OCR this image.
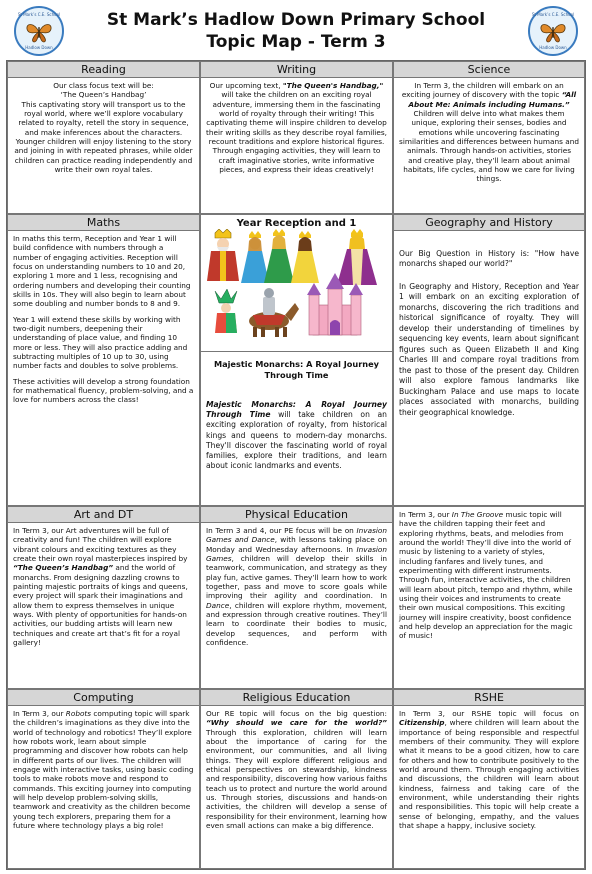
St Mark’s C.E. School
Hadlow Down
St Mark’s Hadlow Down Primary School
Topic Map - Term 3
St Mark’s C.E. School
Hadlow Down
Reading
Our class focus text will be:
‘The Queen’s Handbag’
This captivating story will transport us to the royal world, where we’ll explore vocabulary related to royalty, retell the story in sequence, and make inferences about the characters. Younger children will enjoy listening to the story and joining in with repeated phrases, while older children can practice reading independently and write their own royal tales.
Writing
Our upcoming text, "The Queen's Handbag," will take the children on an exciting royal adventure, immersing them in the fascinating world of royalty through their writing! This captivating theme will inspire children to develop their writing skills as they describe royal families, recount traditions and explore historical figures. Through engaging activities, they will learn to craft imaginative stories, write informative pieces, and express their ideas creatively!
Science
In Term 3, the children will embark on an exciting journey of discovery with the topic “All About Me: Animals including Humans.” Children will delve into what makes them unique, exploring their senses, bodies and emotions while uncovering fascinating similarities and differences between humans and animals. Through hands-on activities, stories and creative play, they’ll learn about animal habitats, life cycles, and how we care for living things.
Maths
In maths this term, Reception and Year 1 will build confidence with numbers through a number of engaging activities. Reception will focus on understanding numbers to 10 and 20, exploring 1 more and 1 less, recognising and ordering numbers and developing their counting skills in 10s. They will also begin to learn about some doubling and number bonds to 8 and 9.
Year 1 will extend these skills by working with two-digit numbers, deepening their understanding of place value, and finding 10 more or less. They will also practice adding and subtracting multiples of 10 up to 30, using number facts and doubles to solve problems.
These activities will develop a strong foundation for mathematical fluency, problem-solving, and a love for numbers across the class!
Year Reception and 1
Majestic Monarchs: A Royal Journey Through Time
Majestic Monarchs: A Royal Journey Through Time will take children on an exciting exploration of royalty, from historical kings and queens to modern-day monarchs. They'll discover the fascinating world of royal families, explore their traditions, and learn about iconic landmarks and events.
Geography and History
Our Big Question in History is: "How have monarchs shaped our world?"
In Geography and History, Reception and Year 1 will embark on an exciting exploration of monarchs, discovering the rich traditions and historical significance of royalty. They will develop their understanding of timelines by sequencing key events, learn about significant figures such as Queen Elizabeth II and King Charles III and compare royal traditions from the past to those of the present day. Children will also explore famous landmarks like Buckingham Palace and use maps to locate places associated with monarchs, building their geographical knowledge.
Art and DT
In Term 3, our Art adventures will be full of creativity and fun! The children will explore vibrant colours and exciting textures as they create their own royal masterpieces inspired by “The Queen’s Handbag” and the world of monarchs. From designing dazzling crowns to painting majestic portraits of kings and queens, every project will spark their imaginations and allow them to express themselves in unique ways. With plenty of opportunities for hands-on activities, our budding artists will learn new techniques and create art that’s fit for a royal gallery!
Physical Education
In Term 3 and 4, our PE focus will be on Invasion Games and Dance, with lessons taking place on Monday and Wednesday afternoons. In Invasion Games, children will develop their skills in teamwork, communication, and strategy as they play fun, active games. They’ll learn how to work together, pass and move to score goals while improving their agility and coordination. In Dance, children will explore rhythm, movement, and expression through creative routines. They’ll learn to coordinate their bodies to music, develop sequences, and perform with confidence.
In Term 3, our In The Groove music topic will have the children tapping their feet and exploring rhythms, beats, and melodies from around the world! They’ll dive into the world of music by listening to a variety of styles, including fanfares and lively tunes, and experimenting with different instruments. Through fun, interactive activities, the children will learn about pitch, tempo and rhythm, while using their voices and instruments to create their own musical compositions. This exciting journey will inspire creativity, boost confidence and help develop an appreciation for the magic of music!
Computing
In Term 3, our Robots computing topic will spark the children’s imaginations as they dive into the world of technology and robotics! They’ll explore how robots work, learn about simple programming and discover how robots can help in different parts of our lives. The children will engage with interactive tasks, using basic coding tools to make robots move and respond to commands. This exciting journey into computing will help develop problem-solving skills, teamwork and creativity as the children become young tech explorers, preparing them for a future where technology plays a big role!
Religious Education
Our RE topic will focus on the big question: “Why should we care for the world?” Through this exploration, children will learn about the importance of caring for the environment, our communities, and all living things. They will explore different religious and ethical perspectives on stewardship, kindness and responsibility, discovering how various faiths teach us to protect and nurture the world around us. Through stories, discussions and hands-on activities, the children will develop a sense of responsibility for their environment, learning how even small actions can make a big difference.
RSHE
In Term 3, our RSHE topic will focus on Citizenship, where children will learn about the importance of being responsible and respectful members of their community. They will explore what it means to be a good citizen, how to care for others and how to contribute positively to the world around them. Through engaging activities and discussions, the children will learn about kindness, fairness and taking care of the environment, while understanding their rights and responsibilities. This topic will help create a sense of belonging, empathy, and the values that shape a happy, inclusive society.
